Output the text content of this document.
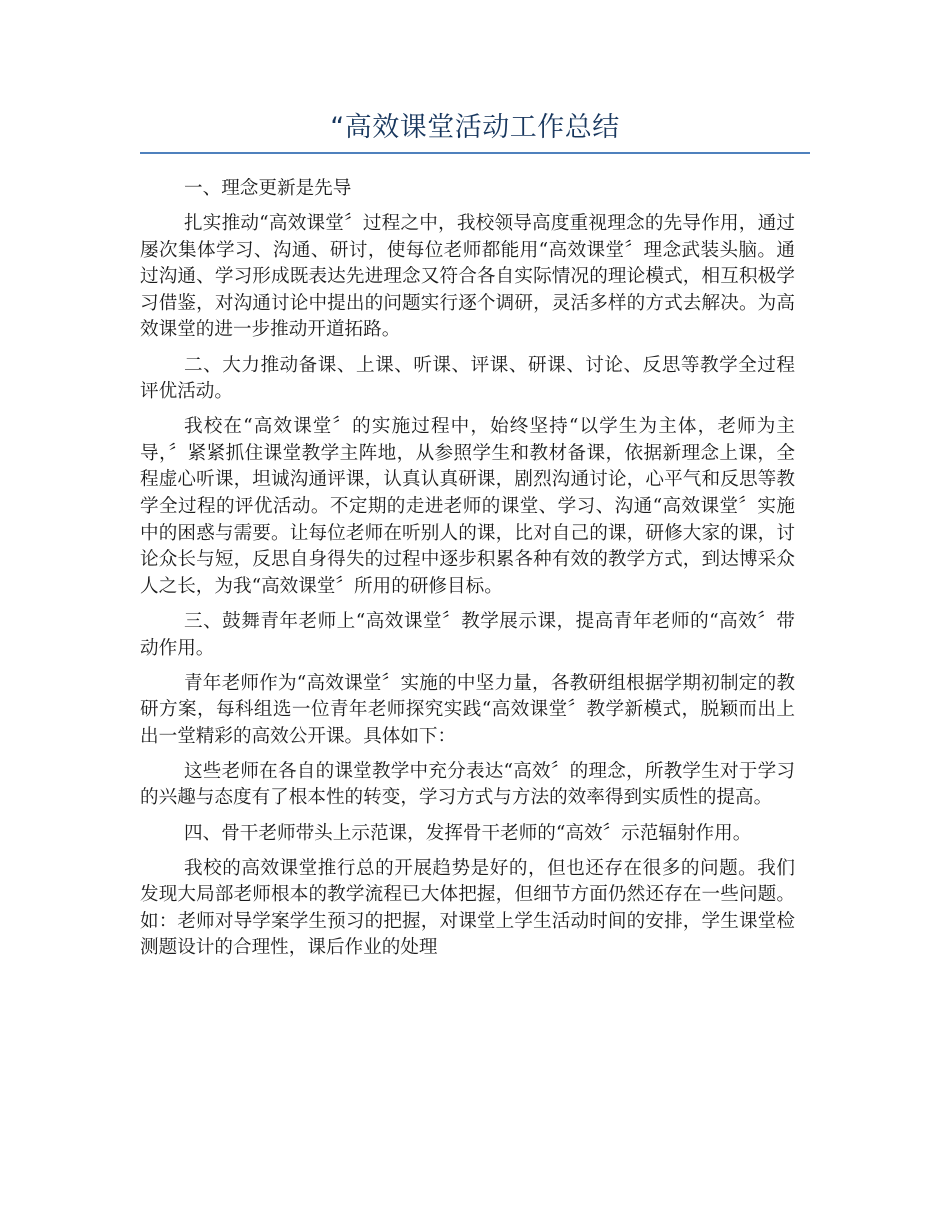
“高效课堂活动工作总结

一、理念更新是先导

扎实推动“高效课堂〞过程之中，我校领导高度重视理念的先导作用，通过屡次集体学习、沟通、研讨，使每位老师都能用“高效课堂〞理念武装头脑。通过沟通、学习形成既表达先进理念又符合各自实际情况的理论模式，相互积极学习借鉴，对沟通讨论中提出的问题实行逐个调研，灵活多样的方式去解决。为高效课堂的进一步推动开道拓路。

二、大力推动备课、上课、听课、评课、研课、讨论、反思等教学全过程评优活动。

我校在“高效课堂〞的实施过程中，始终坚持“以学生为主体，老师为主导，〞紧紧抓住课堂教学主阵地，从参照学生和教材备课，依据新理念上课，全程虚心听课，坦诚沟通评课，认真认真研课，剧烈沟通讨论，心平气和反思等教学全过程的评优活动。不定期的走进老师的课堂、学习、沟通“高效课堂〞实施中的困惑与需要。让每位老师在听别人的课，比对自己的课，研修大家的课，讨论众长与短，反思自身得失的过程中逐步积累各种有效的教学方式，到达博采众人之长，为我“高效课堂〞所用的研修目标。

三、鼓舞青年老师上“高效课堂〞教学展示课，提高青年老师的“高效〞带动作用。

青年老师作为“高效课堂〞实施的中坚力量，各教研组根据学期初制定的教研方案，每科组选一位青年老师探究实践“高效课堂〞教学新模式，脱颖而出上出一堂精彩的高效公开课。具体如下：

这些老师在各自的课堂教学中充分表达“高效〞的理念，所教学生对于学习的兴趣与态度有了根本性的转变，学习方式与方法的效率得到实质性的提高。

四、骨干老师带头上示范课，发挥骨干老师的“高效〞示范辐射作用。

我校的高效课堂推行总的开展趋势是好的，但也还存在很多的问题。我们发现大局部老师根本的教学流程已大体把握，但细节方面仍然还存在一些问题。如：老师对导学案学生预习的把握，对课堂上学生活动时间的安排，学生课堂检测题设计的合理性，课后作业的处理
